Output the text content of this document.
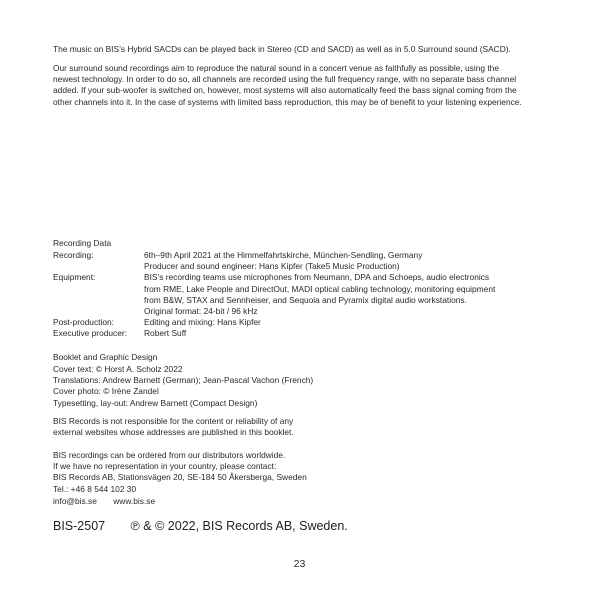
The music on BIS’s Hybrid SACDs can be played back in Stereo (CD and SACD) as well as in 5.0 Surround sound (SACD).

Our surround sound recordings aim to reproduce the natural sound in a concert venue as faithfully as possible, using the
newest technology. In order to do so, all channels are recorded using the full frequency range, with no separate bass channel
added. If your sub-woofer is switched on, however, most systems will also automatically feed the bass signal coming from the
other channels into it. In the case of systems with limited bass reproduction, this may be of benefit to your listening experience.

Recording Data

Recording:	6th–9th April 2021 at the Himmelfahrtskirche, München-Sendling, Germany
Producer and sound engineer: Hans Kipfer (Take5 Music Production)
Equipment:	BIS’s recording teams use microphones from Neumann, DPA and Schoeps, audio electronics
from RME, Lake People and DirectOut, MADI optical cabling technology, monitoring equipment
from B&W, STAX and Sennheiser, and Sequoia and Pyramix digital audio workstations.
Original format: 24-bit / 96 kHz
Post-production:	Editing and mixing: Hans Kipfer
Executive producer:	Robert Suff

Booklet and Graphic Design

Cover text: © Horst A. Scholz 2022
Translations: Andrew Barnett (German); Jean-Pascal Vachon (French)
Cover photo: © Irène Zandel
Typesetting, lay-out: Andrew Barnett (Compact Design)
BIS Records is not responsible for the content or reliability of any
external websites whose addresses are published in this booklet.
BIS recordings can be ordered from our distributors worldwide.
If we have no representation in your country, please contact:
BIS Records AB, Stationsvägen 20, SE-184 50 Åkersberga, Sweden
Tel.: +46 8 544 102 30
info@bis.se www.bis.se
BIS-2507 ℗ & © 2022, BIS Records AB, Sweden.
23
